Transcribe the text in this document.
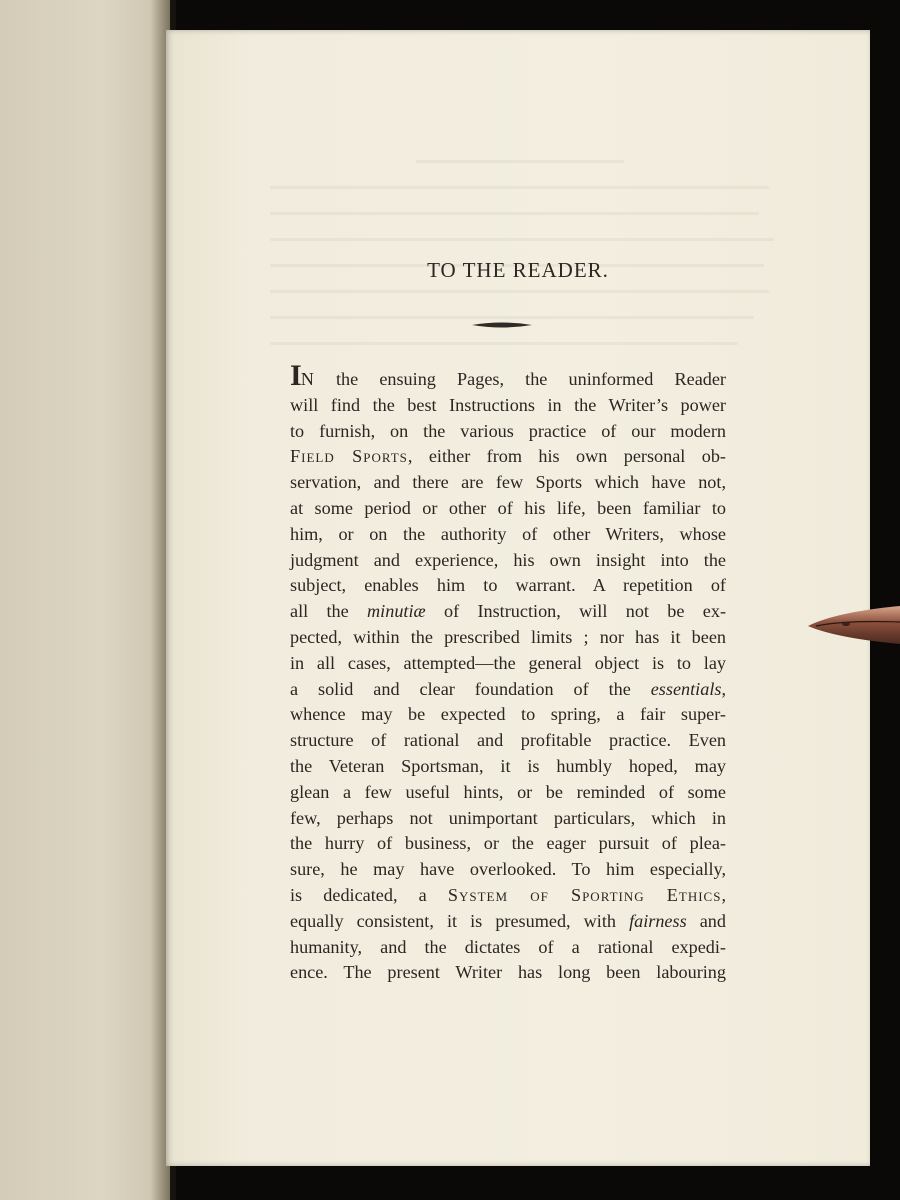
TO THE READER.
IN the ensuing Pages, the uninformed Reader
will find the best Instructions in the Writer’s power
to furnish, on the various practice of our modern
Field Sports, either from his own personal ob-
servation, and there are few Sports which have not,
at some period or other of his life, been familiar to
him, or on the authority of other Writers, whose
judgment and experience, his own insight into the
subject, enables him to warrant. A repetition of
all the minutiæ of Instruction, will not be ex-
pected, within the prescribed limits ; nor has it been
in all cases, attempted—the general object is to lay
a solid and clear foundation of the essentials,
whence may be expected to spring, a fair super-
structure of rational and profitable practice. Even
the Veteran Sportsman, it is humbly hoped, may
glean a few useful hints, or be reminded of some
few, perhaps not unimportant particulars, which in
the hurry of business, or the eager pursuit of plea-
sure, he may have overlooked. To him especially,
is dedicated, a System of Sporting Ethics,
equally consistent, it is presumed, with fairness and
humanity, and the dictates of a rational expedi-
ence. The present Writer has long been labouring
